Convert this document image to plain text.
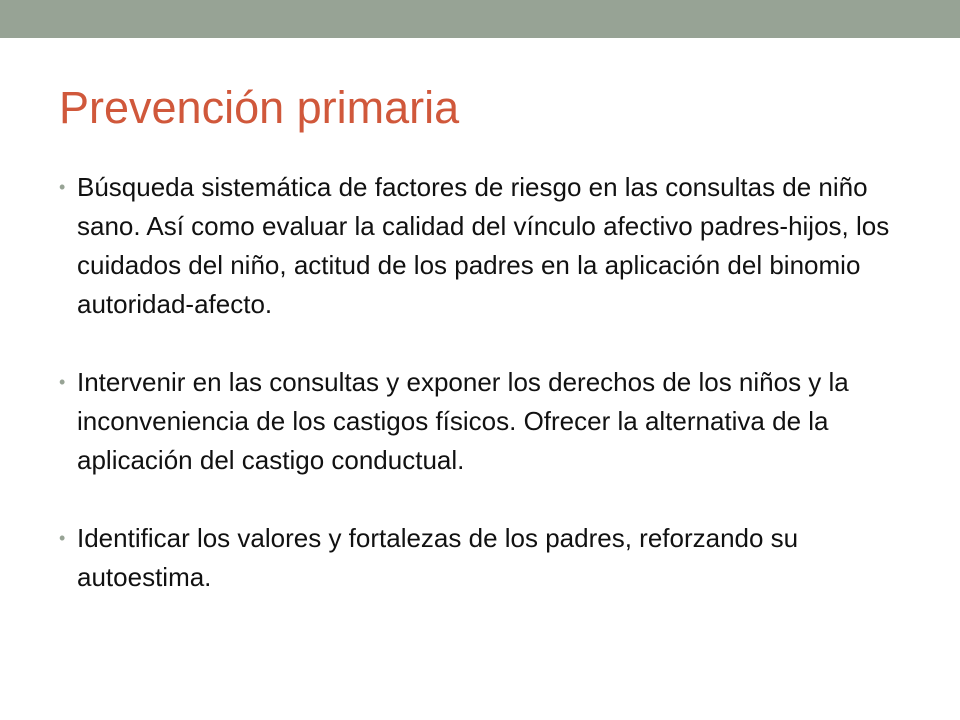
Prevención primaria
• Búsqueda sistemática de factores de riesgo en las consultas de niño sano. Así como evaluar la calidad del vínculo afectivo padres-hijos, los cuidados del niño, actitud de los padres en la aplicación del binomio autoridad-afecto.
• Intervenir en las consultas y exponer los derechos de los niños y la inconveniencia de los castigos físicos. Ofrecer la alternativa de la aplicación del castigo conductual.
• Identificar los valores y fortalezas de los padres, reforzando su autoestima.
